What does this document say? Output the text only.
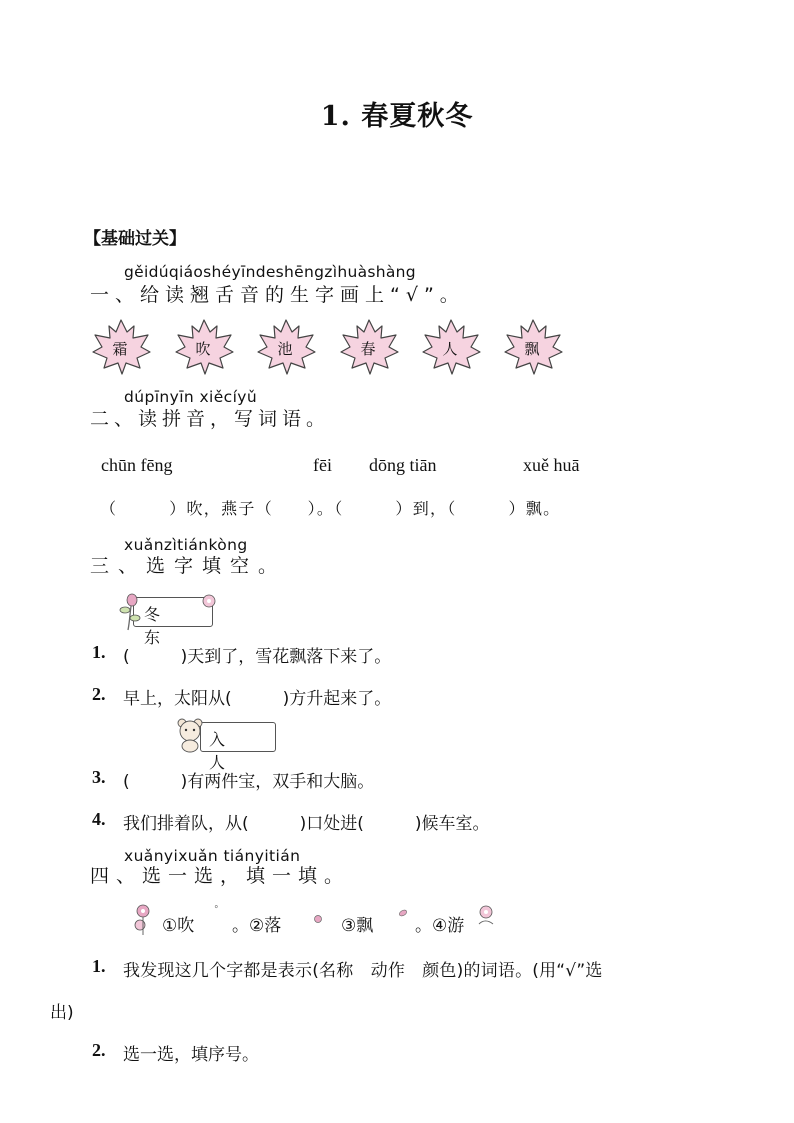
1. 春夏秋冬
【基础过关】
gěidúqiáoshéyīndeshēngzìhuàshàng
一、给读翘舌音的生字画上“√”。
霜	吹	池	春	人	飘
dúpīnyīn xiěcíyǔ
二、读拼音，写词语。
chūn fēng	fēi dōng tiān	xuě huā
（　　　）吹，燕子（　　）。（　　　）到，（　　　）飘。
xuǎnzìtiánkòng
三、选字填空。
冬 东
1. (　　　)天到了，雪花飘落下来了。
2. 早上，太阳从(　　　)方升起来了。
入 人
3. (　　　)有两件宝，双手和大脑。
4. 我们排着队，从(　　　)口处进(　　　)候车室。
xuǎnyixuǎn tiányitián
四、选一选，填一填。
①吹
°
。②落	③飘 。④游
1. 我发现这几个字都是表示(名称　动作　颜色)的词语。(用“√”选
出)
2. 选一选，填序号。
